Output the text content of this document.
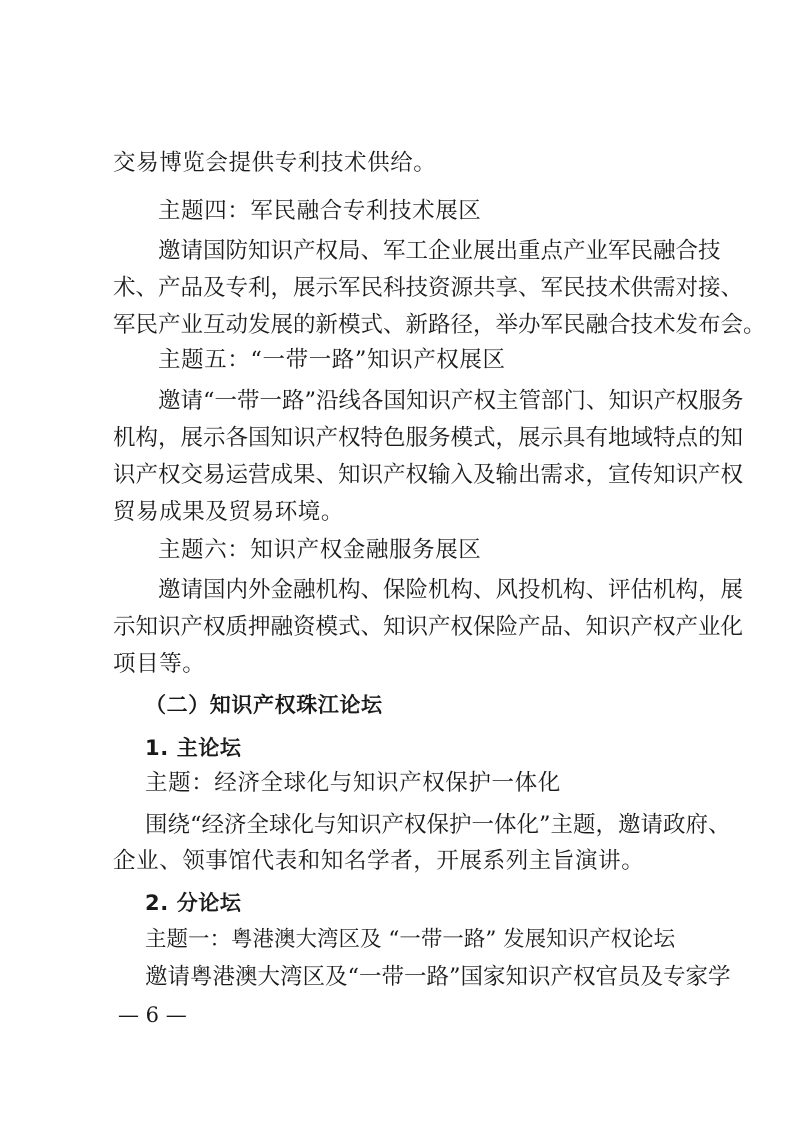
交易博览会提供专利技术供给。
主题四：军民融合专利技术展区
邀请国防知识产权局、军工企业展出重点产业军民融合技
术、产品及专利，展示军民科技资源共享、军民技术供需对接、
军民产业互动发展的新模式、新路径，举办军民融合技术发布会。
主题五：“一带一路”知识产权展区
邀请“一带一路”沿线各国知识产权主管部门、知识产权服务
机构，展示各国知识产权特色服务模式，展示具有地域特点的知
识产权交易运营成果、知识产权输入及输出需求，宣传知识产权
贸易成果及贸易环境。
主题六：知识产权金融服务展区
邀请国内外金融机构、保险机构、风投机构、评估机构，展
示知识产权质押融资模式、知识产权保险产品、知识产权产业化
项目等。
（二）知识产权珠江论坛
1. 主论坛
主题：经济全球化与知识产权保护一体化
围绕“经济全球化与知识产权保护一体化”主题，邀请政府、
企业、领事馆代表和知名学者，开展系列主旨演讲。
2. 分论坛
主题一：粤港澳大湾区及 “一带一路” 发展知识产权论坛
邀请粤港澳大湾区及“一带一路”国家知识产权官员及专家学
— 6 —
